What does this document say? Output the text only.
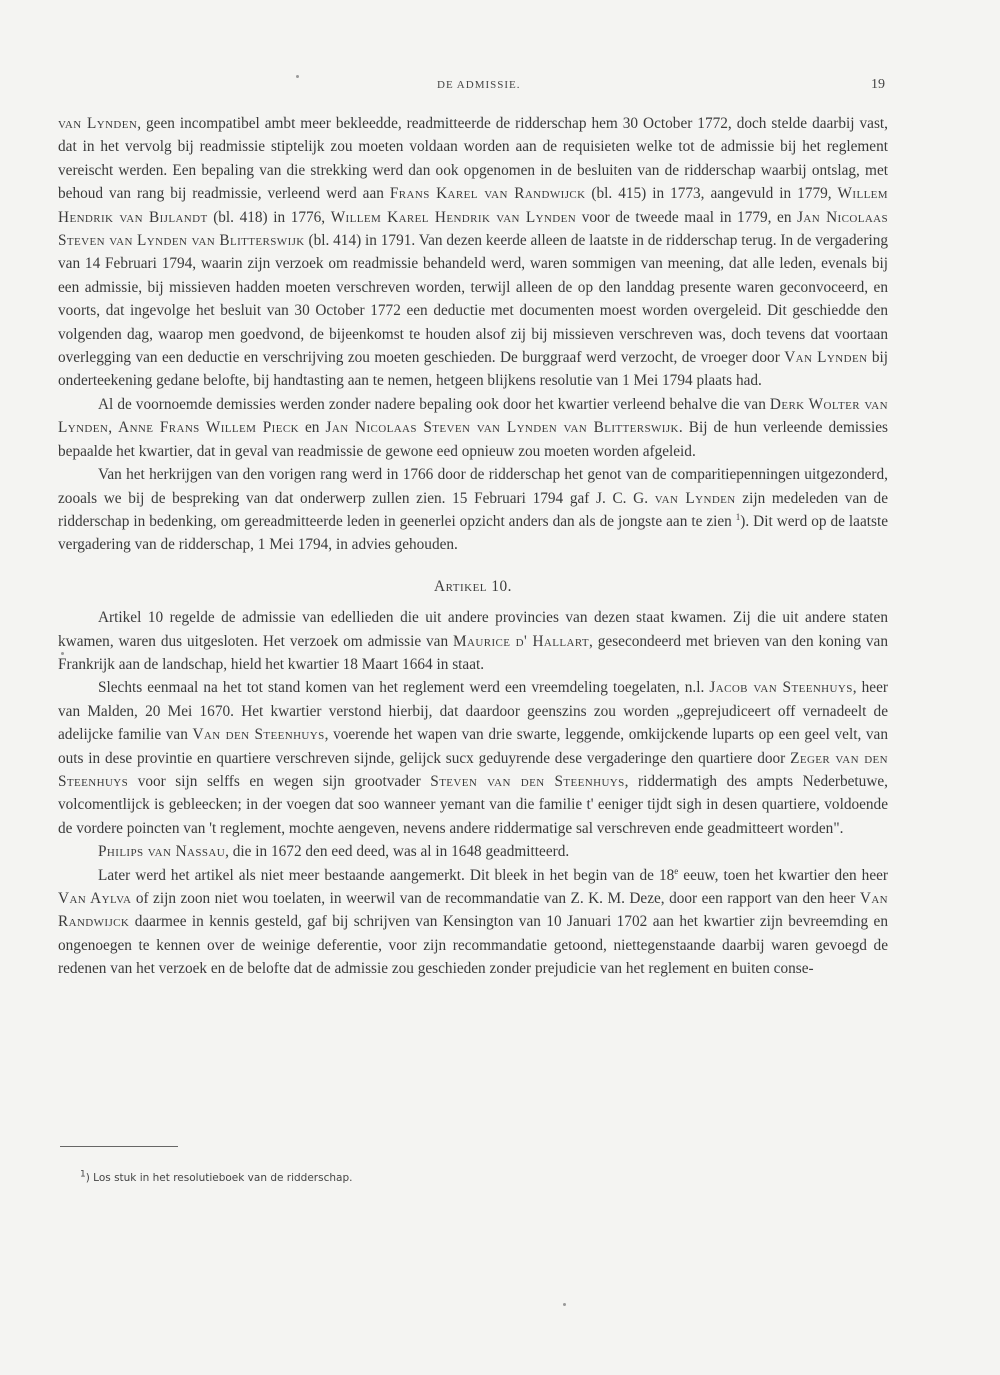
DE ADMISSIE.	19

van Lynden, geen incompatibel ambt meer bekleedde, readmitteerde de ridderschap hem 30 October 1772, doch stelde daarbij vast, dat in het vervolg bij readmissie stiptelijk zou moeten voldaan worden aan de requisieten welke tot de admissie bij het reglement vereischt werden. Een bepaling van die strekking werd dan ook opgenomen in de besluiten van de ridderschap waarbij ontslag, met behoud van rang bij readmissie, verleend werd aan Frans Karel van Randwijck (bl. 415) in 1773, aangevuld in 1779, Willem Hendrik van Bijlandt (bl. 418) in 1776, Willem Karel Hendrik van Lynden voor de tweede maal in 1779, en Jan Nicolaas Steven van Lynden van Blitterswijk (bl. 414) in 1791. Van dezen keerde alleen de laatste in de ridderschap terug. In de vergadering van 14 Februari 1794, waarin zijn verzoek om readmissie behandeld werd, waren sommigen van meening, dat alle leden, evenals bij een admissie, bij missieven hadden moeten verschreven worden, terwijl alleen de op den landdag presente waren geconvoceerd, en voorts, dat ingevolge het besluit van 30 October 1772 een deductie met documenten moest worden overgeleid. Dit geschiedde den volgenden dag, waarop men goedvond, de bijeenkomst te houden alsof zij bij missieven verschreven was, doch tevens dat voortaan overlegging van een deductie en verschrijving zou moeten geschieden. De burggraaf werd verzocht, de vroeger door Van Lynden bij onderteekening gedane belofte, bij handtasting aan te nemen, hetgeen blijkens resolutie van 1 Mei 1794 plaats had.

Al de voornoemde demissies werden zonder nadere bepaling ook door het kwartier verleend behalve die van Derk Wolter van Lynden, Anne Frans Willem Pieck en Jan Nicolaas Steven van Lynden van Blitterswijk. Bij de hun verleende demissies bepaalde het kwartier, dat in geval van readmissie de gewone eed opnieuw zou moeten worden afgeleid.

Van het herkrijgen van den vorigen rang werd in 1766 door de ridderschap het genot van de comparitiepenningen uitgezonderd, zooals we bij de bespreking van dat onderwerp zullen zien. 15 Februari 1794 gaf J. C. G. van Lynden zijn medeleden van de ridderschap in bedenking, om gereadmitteerde leden in geenerlei opzicht anders dan als de jongste aan te zien $^1$). Dit werd op de laatste vergadering van de ridderschap, 1 Mei 1794, in advies gehouden.

Artikel 10.

Artikel 10 regelde de admissie van edellieden die uit andere provincies van dezen staat kwamen. Zij die uit andere staten kwamen, waren dus uitgesloten. Het verzoek om admissie van Maurice d' Hallart, gesecondeerd met brieven van den koning van Frankrijk aan de landschap, hield het kwartier 18 Maart 1664 in staat.

Slechts eenmaal na het tot stand komen van het reglement werd een vreemdeling toegelaten, n.l. Jacob van Steenhuys, heer van Malden, 20 Mei 1670. Het kwartier verstond hierbij, dat daardoor geenszins zou worden „geprejudiceert off vernadeelt de adelijcke familie van Van den Steenhuys, voerende het wapen van drie swarte, leggende, omkijckende luparts op een geel velt, van outs in dese provintie en quartiere verschreven sijnde, gelijck sucx geduyrende dese vergaderinge den quartiere door Zeger van den Steenhuys voor sijn selffs en wegen sijn grootvader Steven van den Steenhuys, riddermatigh des ampts Nederbetuwe, volcomentlijck is gebleecken; in der voegen dat soo wanneer yemant van die familie t' eeniger tijdt sigh in desen quartiere, voldoende de vordere poincten van 't reglement, mochte aengeven, nevens andere riddermatige sal verschreven ende geadmitteert worden".

Philips van Nassau, die in 1672 den eed deed, was al in 1648 geadmitteerd.

Later werd het artikel als niet meer bestaande aangemerkt. Dit bleek in het begin van de 18e eeuw, toen het kwartier den heer Van Aylva of zijn zoon niet wou toelaten, in weerwil van de recommandatie van Z. K. M. Deze, door een rapport van den heer Van Randwijck daarmee in kennis gesteld, gaf bij schrijven van Kensington van 10 Januari 1702 aan het kwartier zijn bevreemding en ongenoegen te kennen over de weinige deferentie, voor zijn recommandatie getoond, niettegenstaande daarbij waren gevoegd de redenen van het verzoek en de belofte dat de admissie zou geschieden zonder prejudicie van het reglement en buiten conse-

$^1$) Los stuk in het resolutieboek van de ridderschap.
